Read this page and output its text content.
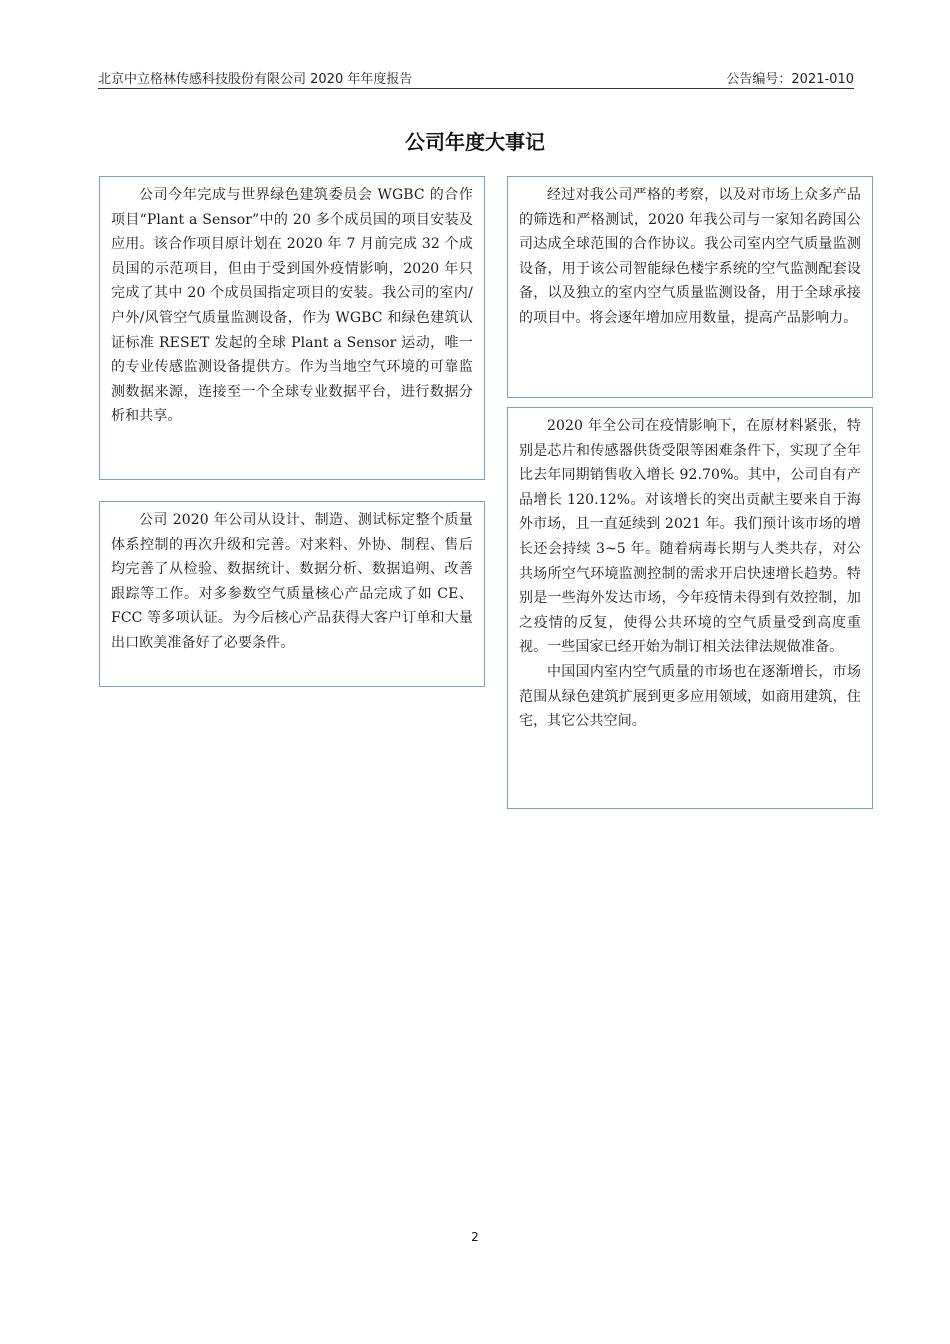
北京中立格林传感科技股份有限公司 2020 年年度报告	公告编号：2021-010
公司年度大事记

公司今年完成与世界绿色建筑委员会 WGBC 的合作项目“Plant a Sensor”中的 20 多个成员国的项目安装及应用。该合作项目原计划在 2020 年 7 月前完成 32 个成员国的示范项目，但由于受到国外疫情影响，2020 年只完成了其中 20 个成员国指定项目的安装。我公司的室内/户外/风管空气质量监测设备，作为 WGBC 和绿色建筑认证标准 RESET 发起的全球 Plant a Sensor 运动，唯一的专业传感监测设备提供方。作为当地空气环境的可靠监测数据来源，连接至一个全球专业数据平台，进行数据分析和共享。

公司 2020 年公司从设计、制造、测试标定整个质量体系控制的再次升级和完善。对来料、外协、制程、售后均完善了从检验、数据统计、数据分析、数据追朔、改善跟踪等工作。对多参数空气质量核心产品完成了如 CE、FCC 等多项认证。为今后核心产品获得大客户订单和大量出口欧美准备好了必要条件。

经过对我公司严格的考察，以及对市场上众多产品的筛选和严格测试，2020 年我公司与一家知名跨国公司达成全球范围的合作协议。我公司室内空气质量监测设备，用于该公司智能绿色楼宇系统的空气监测配套设备，以及独立的室内空气质量监测设备，用于全球承接的项目中。将会逐年增加应用数量，提高产品影响力。

2020 年全公司在疫情影响下，在原材料紧张，特别是芯片和传感器供货受限等困难条件下，实现了全年比去年同期销售收入增长 92.70%。其中，公司自有产品增长 120.12%。对该增长的突出贡献主要来自于海外市场，且一直延续到 2021 年。我们预计该市场的增长还会持续 3~5 年。随着病毒长期与人类共存，对公共场所空气环境监测控制的需求开启快速增长趋势。特别是一些海外发达市场，今年疫情未得到有效控制，加之疫情的反复，使得公共环境的空气质量受到高度重视。一些国家已经开始为制订相关法律法规做准备。

中国国内室内空气质量的市场也在逐渐增长，市场范围从绿色建筑扩展到更多应用领域，如商用建筑，住宅，其它公共空间。

2
